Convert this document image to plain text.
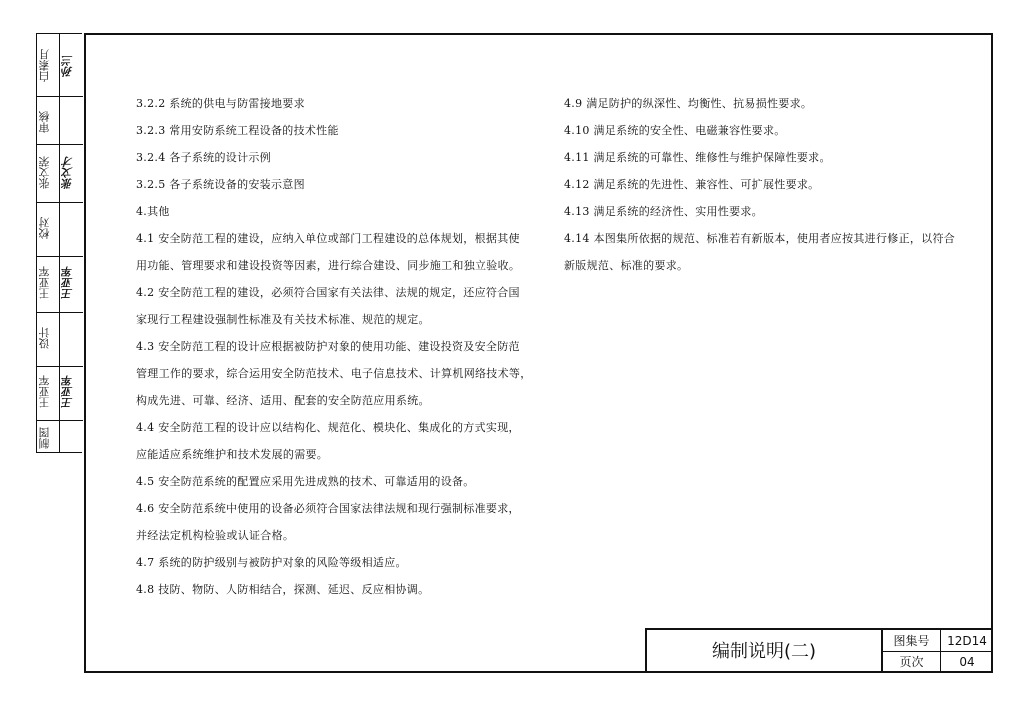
白素月 孙兰
审核
张文荣 张文才
校对
王亚军 王亚军
设计
王亚军 王亚军
制图
3.2.2 系统的供电与防雷接地要求
3.2.3 常用安防系统工程设备的技术性能
3.2.4 各子系统的设计示例
3.2.5 各子系统设备的安装示意图
4.其他
4.1 安全防范工程的建设，应纳入单位或部门工程建设的总体规划，根据其使
用功能、管理要求和建设投资等因素，进行综合建设、同步施工和独立验收。
4.2 安全防范工程的建设，必须符合国家有关法律、法规的规定，还应符合国
家现行工程建设强制性标准及有关技术标准、规范的规定。
4.3 安全防范工程的设计应根据被防护对象的使用功能、建设投资及安全防范
管理工作的要求，综合运用安全防范技术、电子信息技术、计算机网络技术等，
构成先进、可靠、经济、适用、配套的安全防范应用系统。
4.4 安全防范工程的设计应以结构化、规范化、模块化、集成化的方式实现，
应能适应系统维护和技术发展的需要。
4.5 安全防范系统的配置应采用先进成熟的技术、可靠适用的设备。
4.6 安全防范系统中使用的设备必须符合国家法律法规和现行强制标准要求，
并经法定机构检验或认证合格。
4.7 系统的防护级别与被防护对象的风险等级相适应。
4.8 技防、物防、人防相结合，探测、延迟、反应相协调。
4.9 满足防护的纵深性、均衡性、抗易损性要求。
4.10 满足系统的安全性、电磁兼容性要求。
4.11 满足系统的可靠性、维修性与维护保障性要求。
4.12 满足系统的先进性、兼容性、可扩展性要求。
4.13 满足系统的经济性、实用性要求。
4.14 本图集所依据的规范、标准若有新版本，使用者应按其进行修正，以符合
新版规范、标准的要求。
编制说明(二)	图集号	12D14
页次	04
